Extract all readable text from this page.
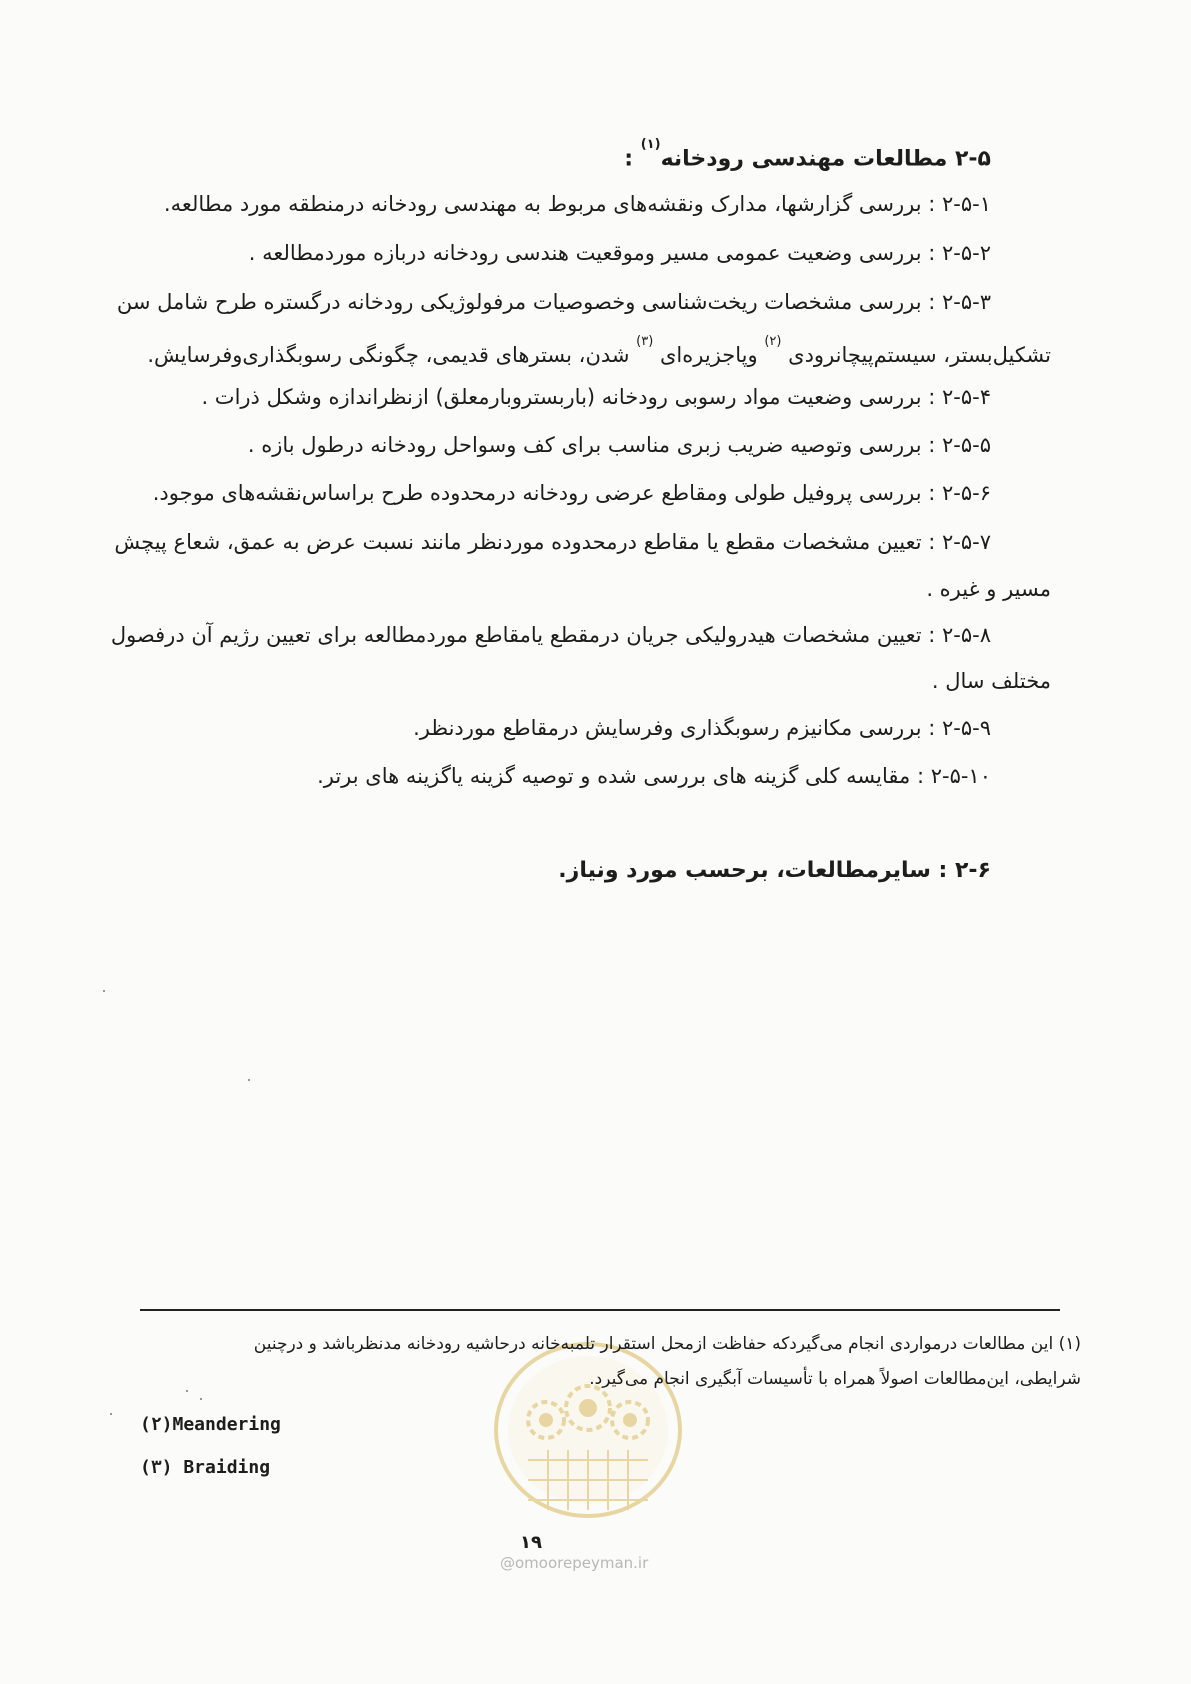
۲-۵ مطالعات مهندسی رودخانه$^{(۱)}$ :
۲-۵-۱ : بررسی گزارشها، مدارک ونقشه‌های مربوط به مهندسی رودخانه درمنطقه مورد مطالعه.
۲-۵-۲ : بررسی وضعیت عمومی مسیر وموقعیت هندسی رودخانه دربازه موردمطالعه .
۲-۵-۳ : بررسی مشخصات ریخت‌شناسی وخصوصیات مرفولوژیکی رودخانه درگستره طرح شامل سن
تشکیل‌بستر، سیستم‌پیچانرودی $^{(۲)}$ وپاجزیره‌ای $^{(۳)}$ شدن، بسترهای قدیمی، چگونگی رسوبگذاری‌وفرسایش.
۲-۵-۴ : بررسی وضعیت مواد رسوبی رودخانه (باربستروبارمعلق) ازنظراندازه وشکل ذرات .
۲-۵-۵ : بررسی وتوصیه ضریب زبری مناسب برای کف وسواحل رودخانه درطول بازه .
۲-۵-۶ : بررسی پروفیل طولی ومقاطع عرضی رودخانه درمحدوده طرح براساس‌نقشه‌های موجود.
۲-۵-۷ : تعیین مشخصات مقطع یا مقاطع درمحدوده موردنظر مانند نسبت عرض به عمق، شعاع پیچش
مسیر و غیره .
۲-۵-۸ : تعیین مشخصات هیدرولیکی جریان درمقطع یامقاطع موردمطالعه برای تعیین رژیم آن درفصول
مختلف سال .
۲-۵-۹ : بررسی مکانیزم رسوبگذاری وفرسایش درمقاطع موردنظر.
۲-۵-۱۰ : مقایسه کلی گزینه های بررسی شده و توصیه گزینه یاگزینه های برتر.
۲-۶ : سایرمطالعات، برحسب مورد ونیاز.
@omoorepeyman.ir
(۱) این مطالعات درمواردی انجام می‌گیردکه حفاظت ازمحل استقرار تلمبه‌خانه درحاشیه رودخانه مدنظرباشد و درچنین
شرایطی، این‌مطالعات اصولاً همراه با تأسیسات آبگیری انجام می‌گیرد.
(۲)Meandering
(۳) Braiding
۱۹
